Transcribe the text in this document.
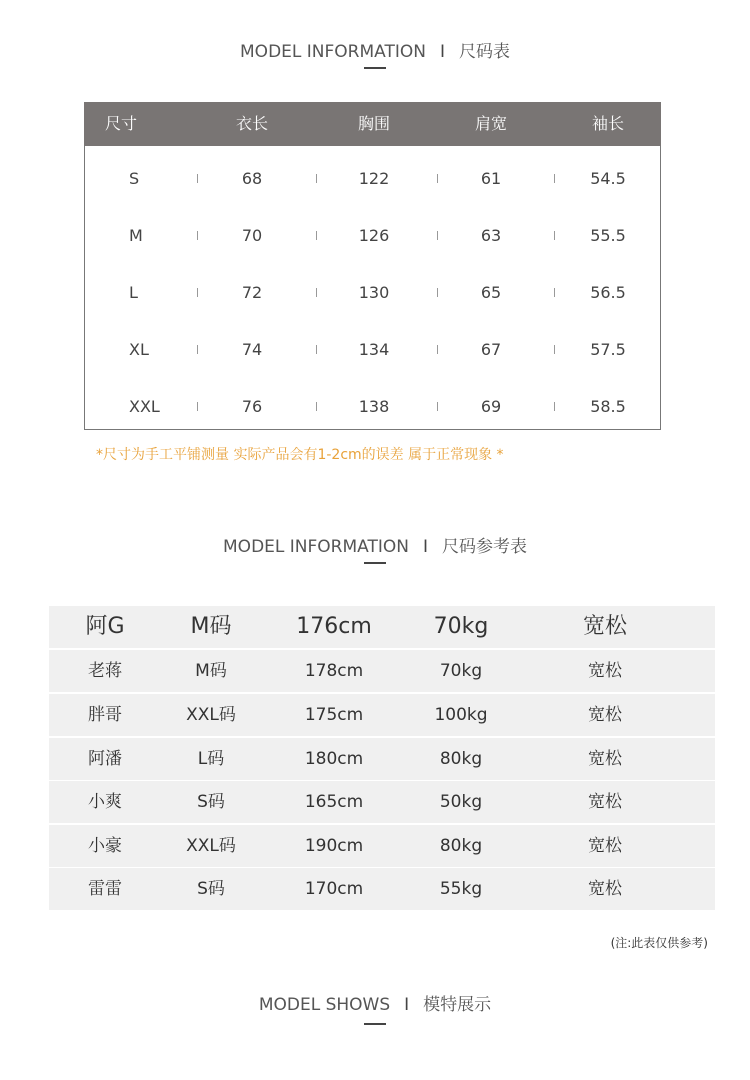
MODEL INFORMATION I 尺码表
尺寸	衣长	胸围	肩宽	袖长
S	68	122	61	54.5
M	70	126	63	55.5
L	72	130	65	56.5
XL	74	134	67	57.5
XXL	76	138	69	58.5
*尺寸为手工平铺测量 实际产品会有1-2cm的误差 属于正常现象 *
MODEL INFORMATION I 尺码参考表
阿G	M码	176cm	70kg	宽松
老蒋	M码	178cm	70kg	宽松
胖哥	XXL码	175cm	100kg	宽松
阿潘	L码	180cm	80kg	宽松
小爽	S码	165cm	50kg	宽松
小豪	XXL码	190cm	80kg	宽松
雷雷	S码	170cm	55kg	宽松
(注:此表仅供参考)
MODEL SHOWS I 模特展示
